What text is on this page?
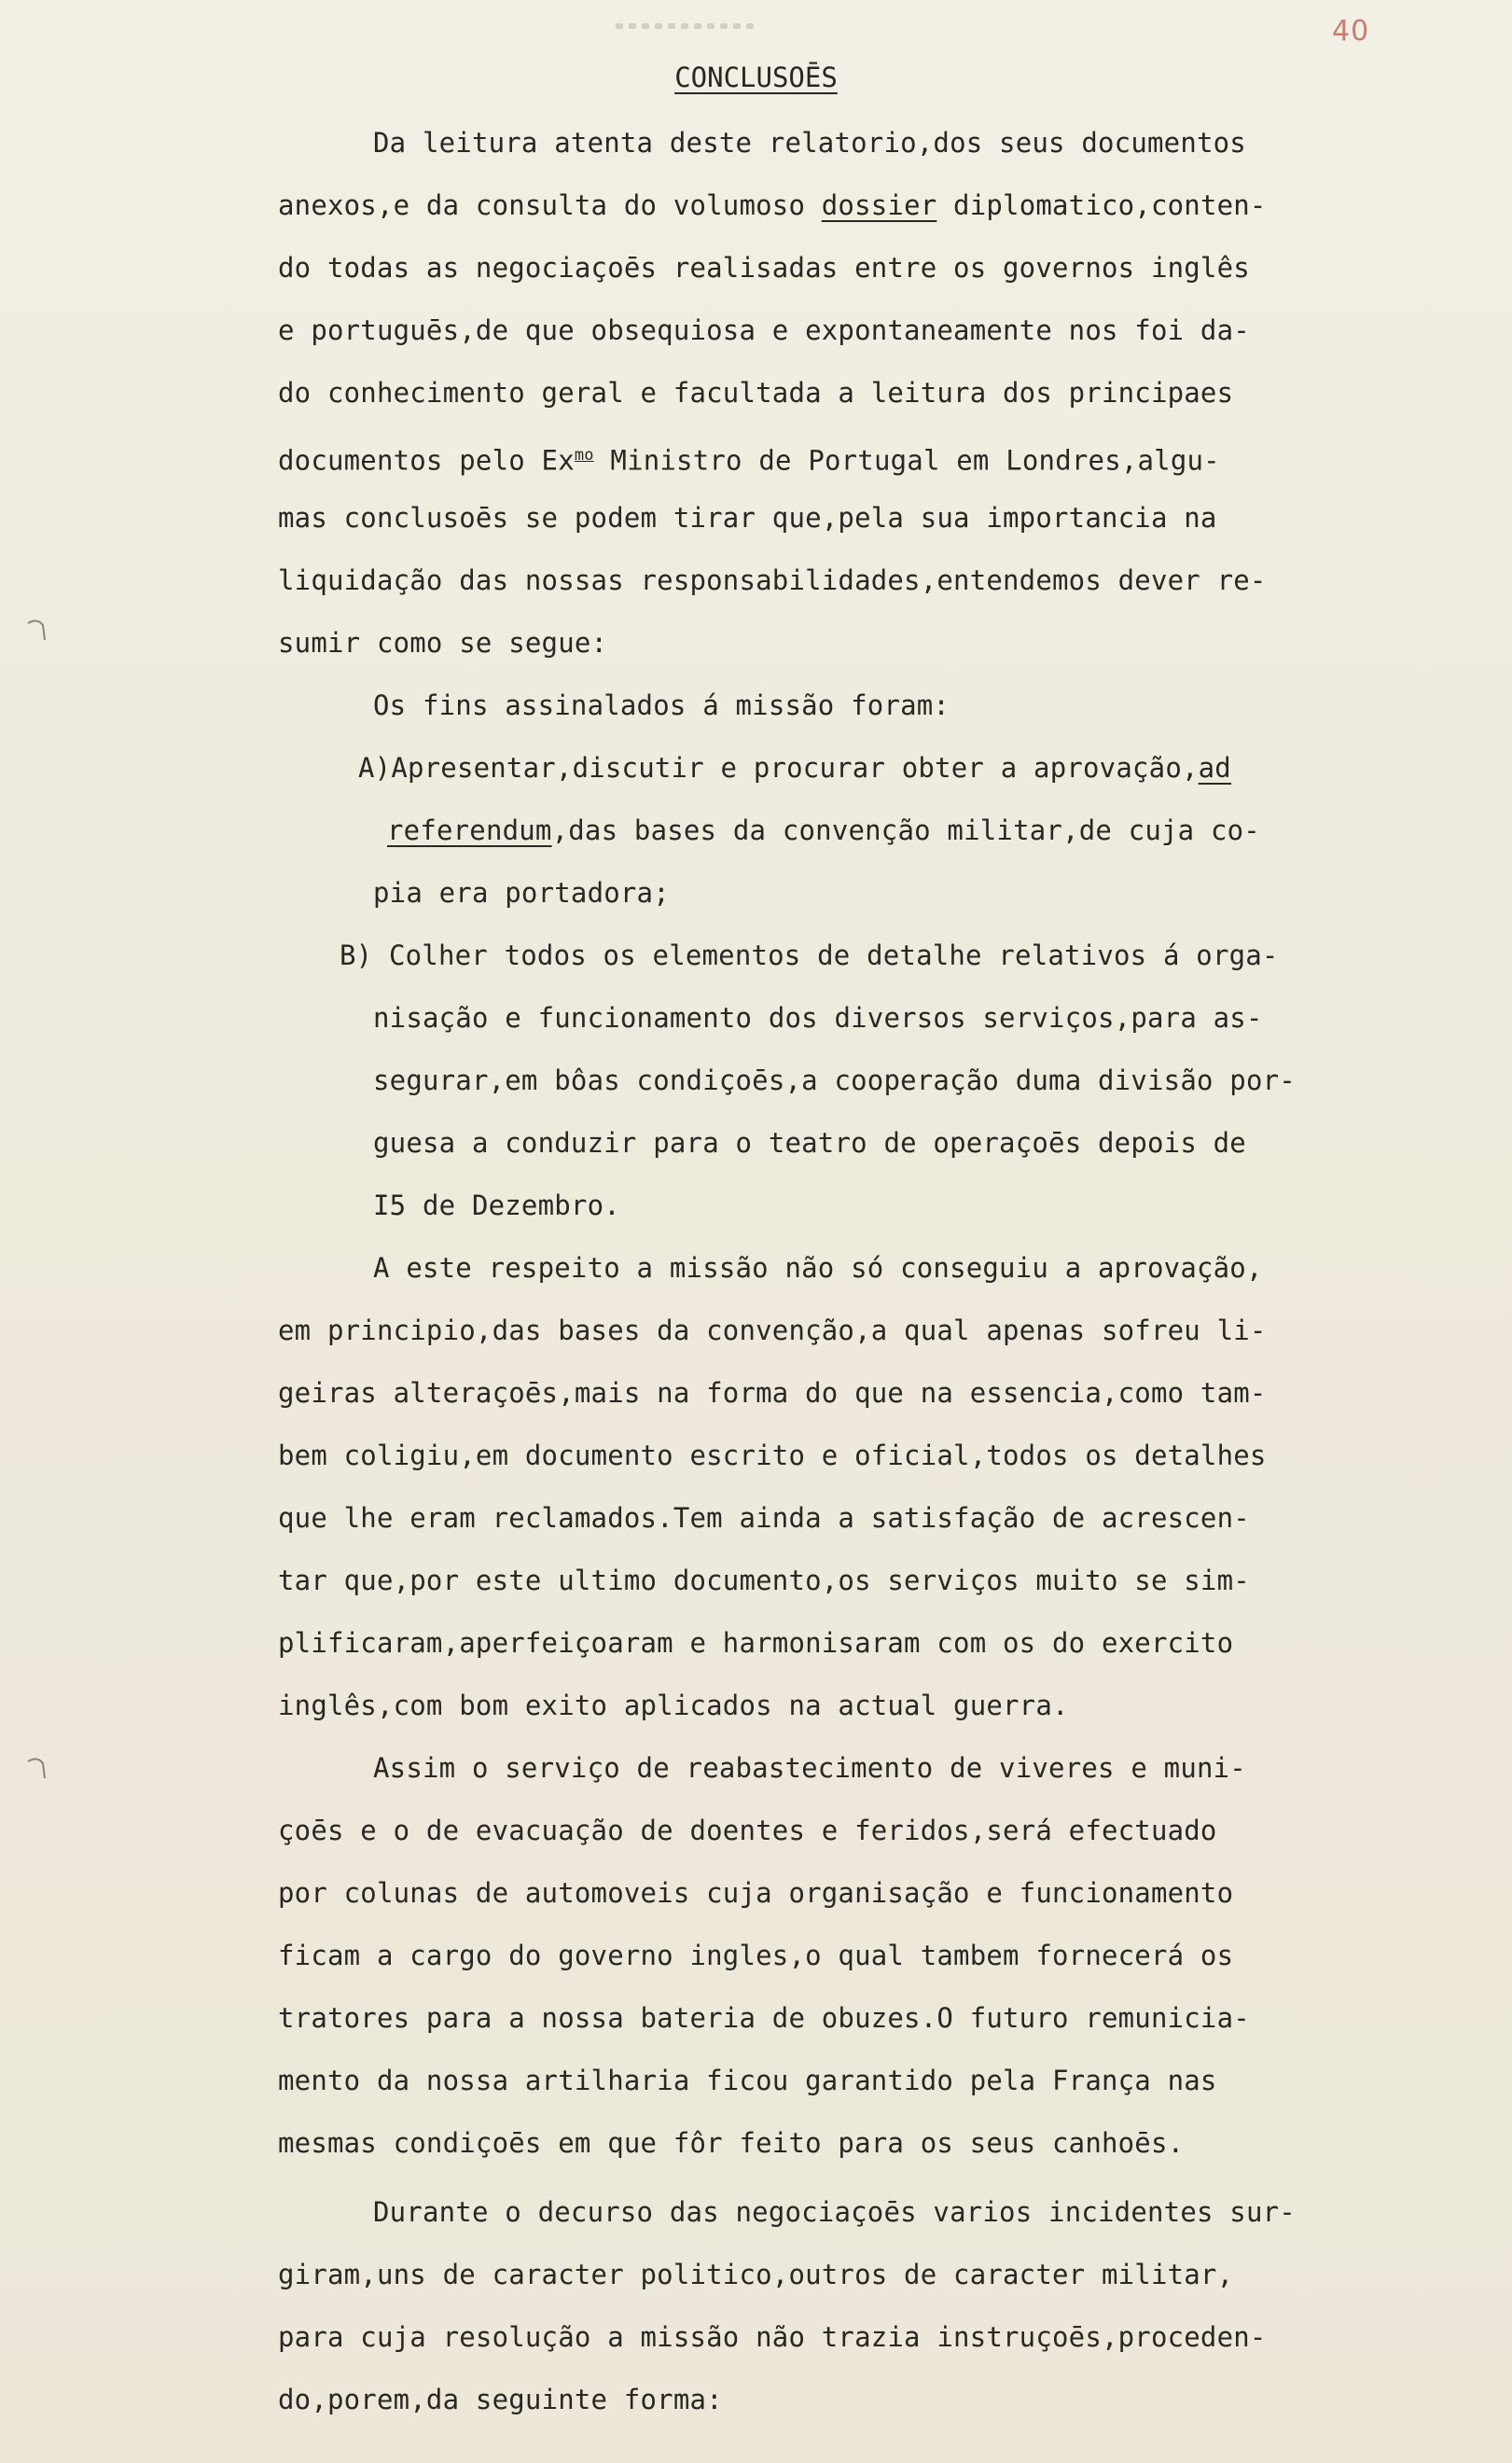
40
CONCLUSOĒS
Da leitura atenta deste relatorio,dos seus documentos
anexos,e da consulta do volumoso dossier diplomatico,conten-
do todas as negociaçoēs realisadas entre os governos inglês
e portuguēs,de que obsequiosa e expontaneamente nos foi da-
do conhecimento geral e facultada a leitura dos principaes
documentos pelo $Ex^{mo}$ Ministro de Portugal em Londres,algu-
mas conclusoēs se podem tirar que,pela sua importancia na
liquidação das nossas responsabilidades,entendemos dever re-
sumir como se segue:
Os fins assinalados á missão foram:
A)Apresentar,discutir e procurar obter a aprovação,ad
referendum,das bases da convenção militar,de cuja co-
pia era portadora;
B) Colher todos os elementos de detalhe relativos á orga-
nisação e funcionamento dos diversos serviços,para as-
segurar,em bôas condiçoēs,a cooperação duma divisão por-
guesa a conduzir para o teatro de operaçoēs depois de
I5 de Dezembro.
A este respeito a missão não só conseguiu a aprovação,
em principio,das bases da convenção,a qual apenas sofreu li-
geiras alteraçoēs,mais na forma do que na essencia,como tam-
bem coligiu,em documento escrito e oficial,todos os detalhes
que lhe eram reclamados.Tem ainda a satisfação de acrescen-
tar que,por este ultimo documento,os serviços muito se sim-
plificaram,aperfeiçoaram e harmonisaram com os do exercito
inglês,com bom exito aplicados na actual guerra.
Assim o serviço de reabastecimento de viveres e muni-
çoēs e o de evacuação de doentes e feridos,será efectuado
por colunas de automoveis cuja organisação e funcionamento
ficam a cargo do governo ingles,o qual tambem fornecerá os
tratores para a nossa bateria de obuzes.O futuro remunicia-
mento da nossa artilharia ficou garantido pela França nas
mesmas condiçoēs em que fôr feito para os seus canhoēs.
Durante o decurso das negociaçoēs varios incidentes sur-
giram,uns de caracter politico,outros de caracter militar,
para cuja resolução a missão não trazia instruçoēs,proceden-
do,porem,da seguinte forma:
